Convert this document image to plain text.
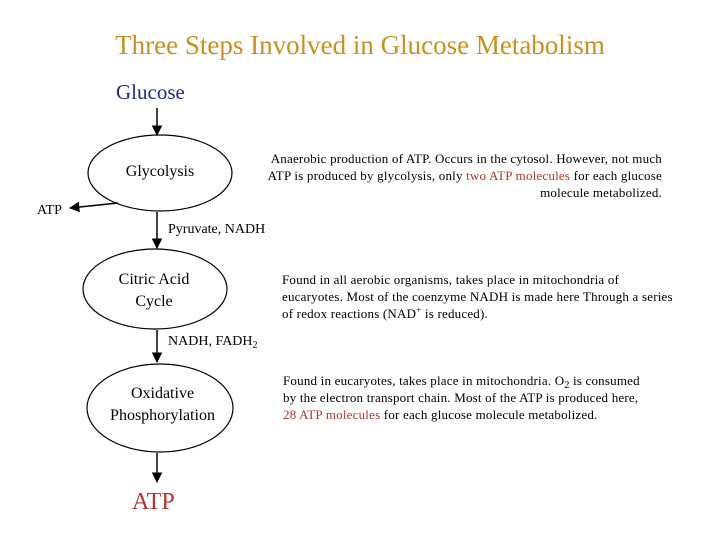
Three Steps Involved in Glucose Metabolism
Glucose
Glycolysis
ATP
Anaerobic production of ATP. Occurs in the cytosol. However, not much ATP is produced by glycolysis, only two ATP molecules for each glucose molecule metabolized.
Pyruvate, NADH
Citric Acid
Cycle
Found in all aerobic organisms, takes place in mitochondria of eucaryotes. Most of the coenzyme NADH is made here Through a series of redox reactions (NAD+ is reduced).
NADH, $FADH_2$
Oxidative
Phosphorylation
Found in eucaryotes, takes place in mitochondria. $O_2$ is consumed by the electron transport chain. Most of the ATP is produced here, 28 ATP molecules for each glucose molecule metabolized.
ATP
